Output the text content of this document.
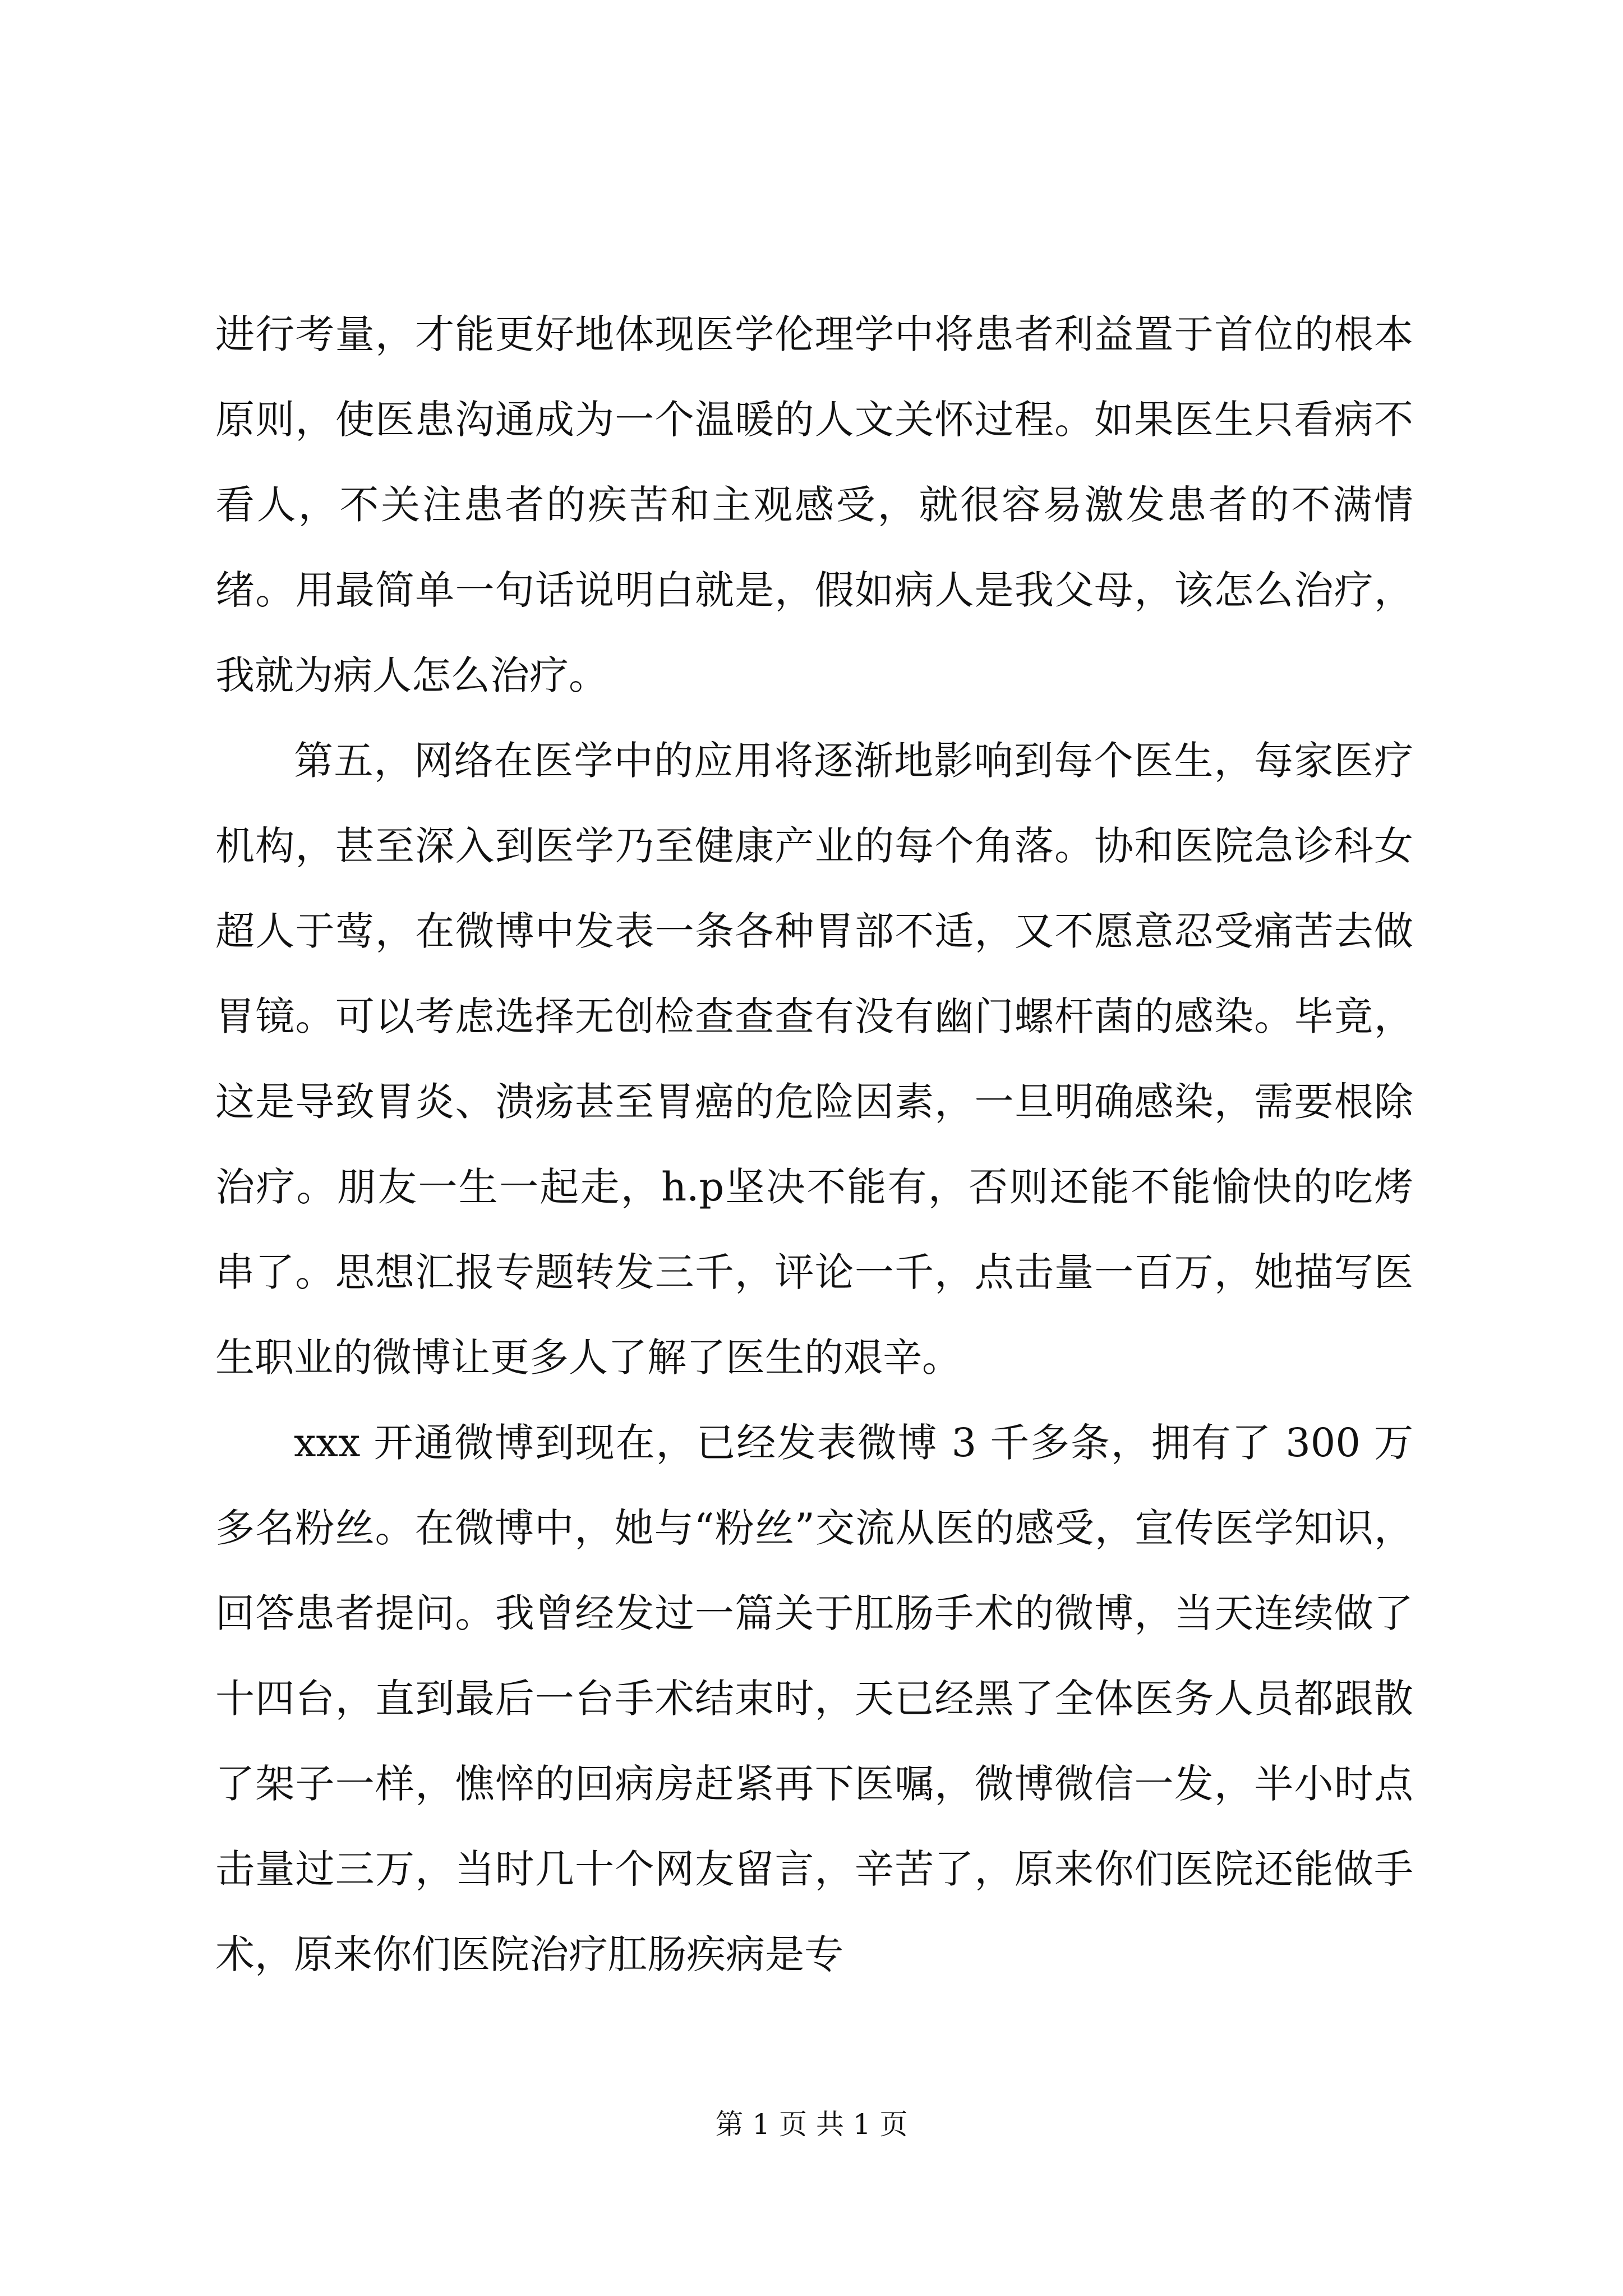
进行考量，才能更好地体现医学伦理学中将患者利益置于首位的根本原则，使医患沟通成为一个温暖的人文关怀过程。如果医生只看病不看人，不关注患者的疾苦和主观感受，就很容易激发患者的不满情绪。用最简单一句话说明白就是，假如病人是我父母，该怎么治疗，我就为病人怎么治疗。

第五，网络在医学中的应用将逐渐地影响到每个医生，每家医疗机构，甚至深入到医学乃至健康产业的每个角落。协和医院急诊科女超人于莺，在微博中发表一条各种胃部不适，又不愿意忍受痛苦去做胃镜。可以考虑选择无创检查查查有没有幽门螺杆菌的感染。毕竟，这是导致胃炎、溃疡甚至胃癌的危险因素，一旦明确感染，需要根除治疗。朋友一生一起走，h.p坚决不能有，否则还能不能愉快的吃烤串了。思想汇报专题转发三千，评论一千，点击量一百万，她描写医生职业的微博让更多人了解了医生的艰辛。

xxx 开通微博到现在，已经发表微博 3 千多条，拥有了 300 万多名粉丝。在微博中，她与“粉丝”交流从医的感受，宣传医学知识，回答患者提问。我曾经发过一篇关于肛肠手术的微博，当天连续做了十四台，直到最后一台手术结束时，天已经黑了全体医务人员都跟散了架子一样，憔悴的回病房赶紧再下医嘱，微博微信一发，半小时点击量过三万，当时几十个网友留言，辛苦了，原来你们医院还能做手术，原来你们医院治疗肛肠疾病是专

第 1 页 共 1 页
